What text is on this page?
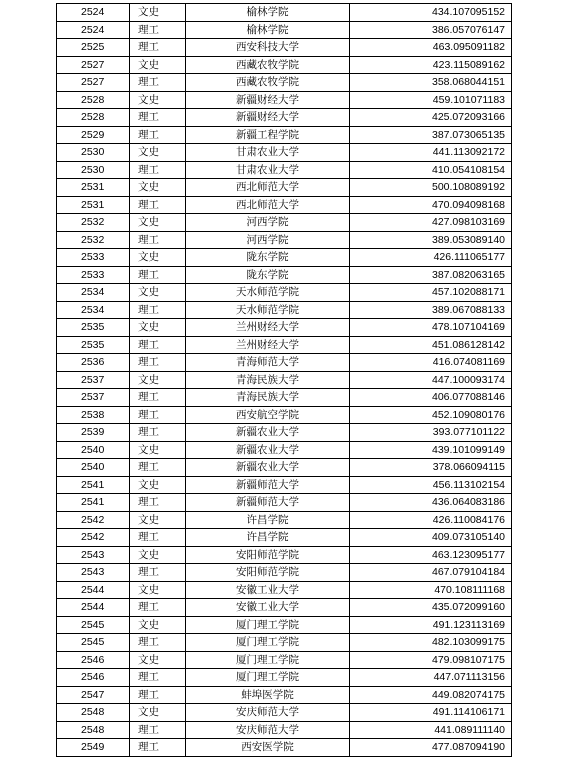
2524	文史	榆林学院	434.107095152
2524	理工	榆林学院	386.057076147
2525	理工	西安科技大学	463.095091182
2527	文史	西藏农牧学院	423.115089162
2527	理工	西藏农牧学院	358.068044151
2528	文史	新疆财经大学	459.101071183
2528	理工	新疆财经大学	425.072093166
2529	理工	新疆工程学院	387.073065135
2530	文史	甘肃农业大学	441.113092172
2530	理工	甘肃农业大学	410.054108154
2531	文史	西北师范大学	500.108089192
2531	理工	西北师范大学	470.094098168
2532	文史	河西学院	427.098103169
2532	理工	河西学院	389.053089140
2533	文史	陇东学院	426.111065177
2533	理工	陇东学院	387.082063165
2534	文史	天水师范学院	457.102088171
2534	理工	天水师范学院	389.067088133
2535	文史	兰州财经大学	478.107104169
2535	理工	兰州财经大学	451.086128142
2536	理工	青海师范大学	416.074081169
2537	文史	青海民族大学	447.100093174
2537	理工	青海民族大学	406.077088146
2538	理工	西安航空学院	452.109080176
2539	理工	新疆农业大学	393.077101122
2540	文史	新疆农业大学	439.101099149
2540	理工	新疆农业大学	378.066094115
2541	文史	新疆师范大学	456.113102154
2541	理工	新疆师范大学	436.064083186
2542	文史	许昌学院	426.110084176
2542	理工	许昌学院	409.073105140
2543	文史	安阳师范学院	463.123095177
2543	理工	安阳师范学院	467.079104184
2544	文史	安徽工业大学	470.108111168
2544	理工	安徽工业大学	435.072099160
2545	文史	厦门理工学院	491.123113169
2545	理工	厦门理工学院	482.103099175
2546	文史	厦门理工学院	479.098107175
2546	理工	厦门理工学院	447.071113156
2547	理工	蚌埠医学院	449.082074175
2548	文史	安庆师范大学	491.114106171
2548	理工	安庆师范大学	441.089111140
2549	理工	西安医学院	477.087094190
